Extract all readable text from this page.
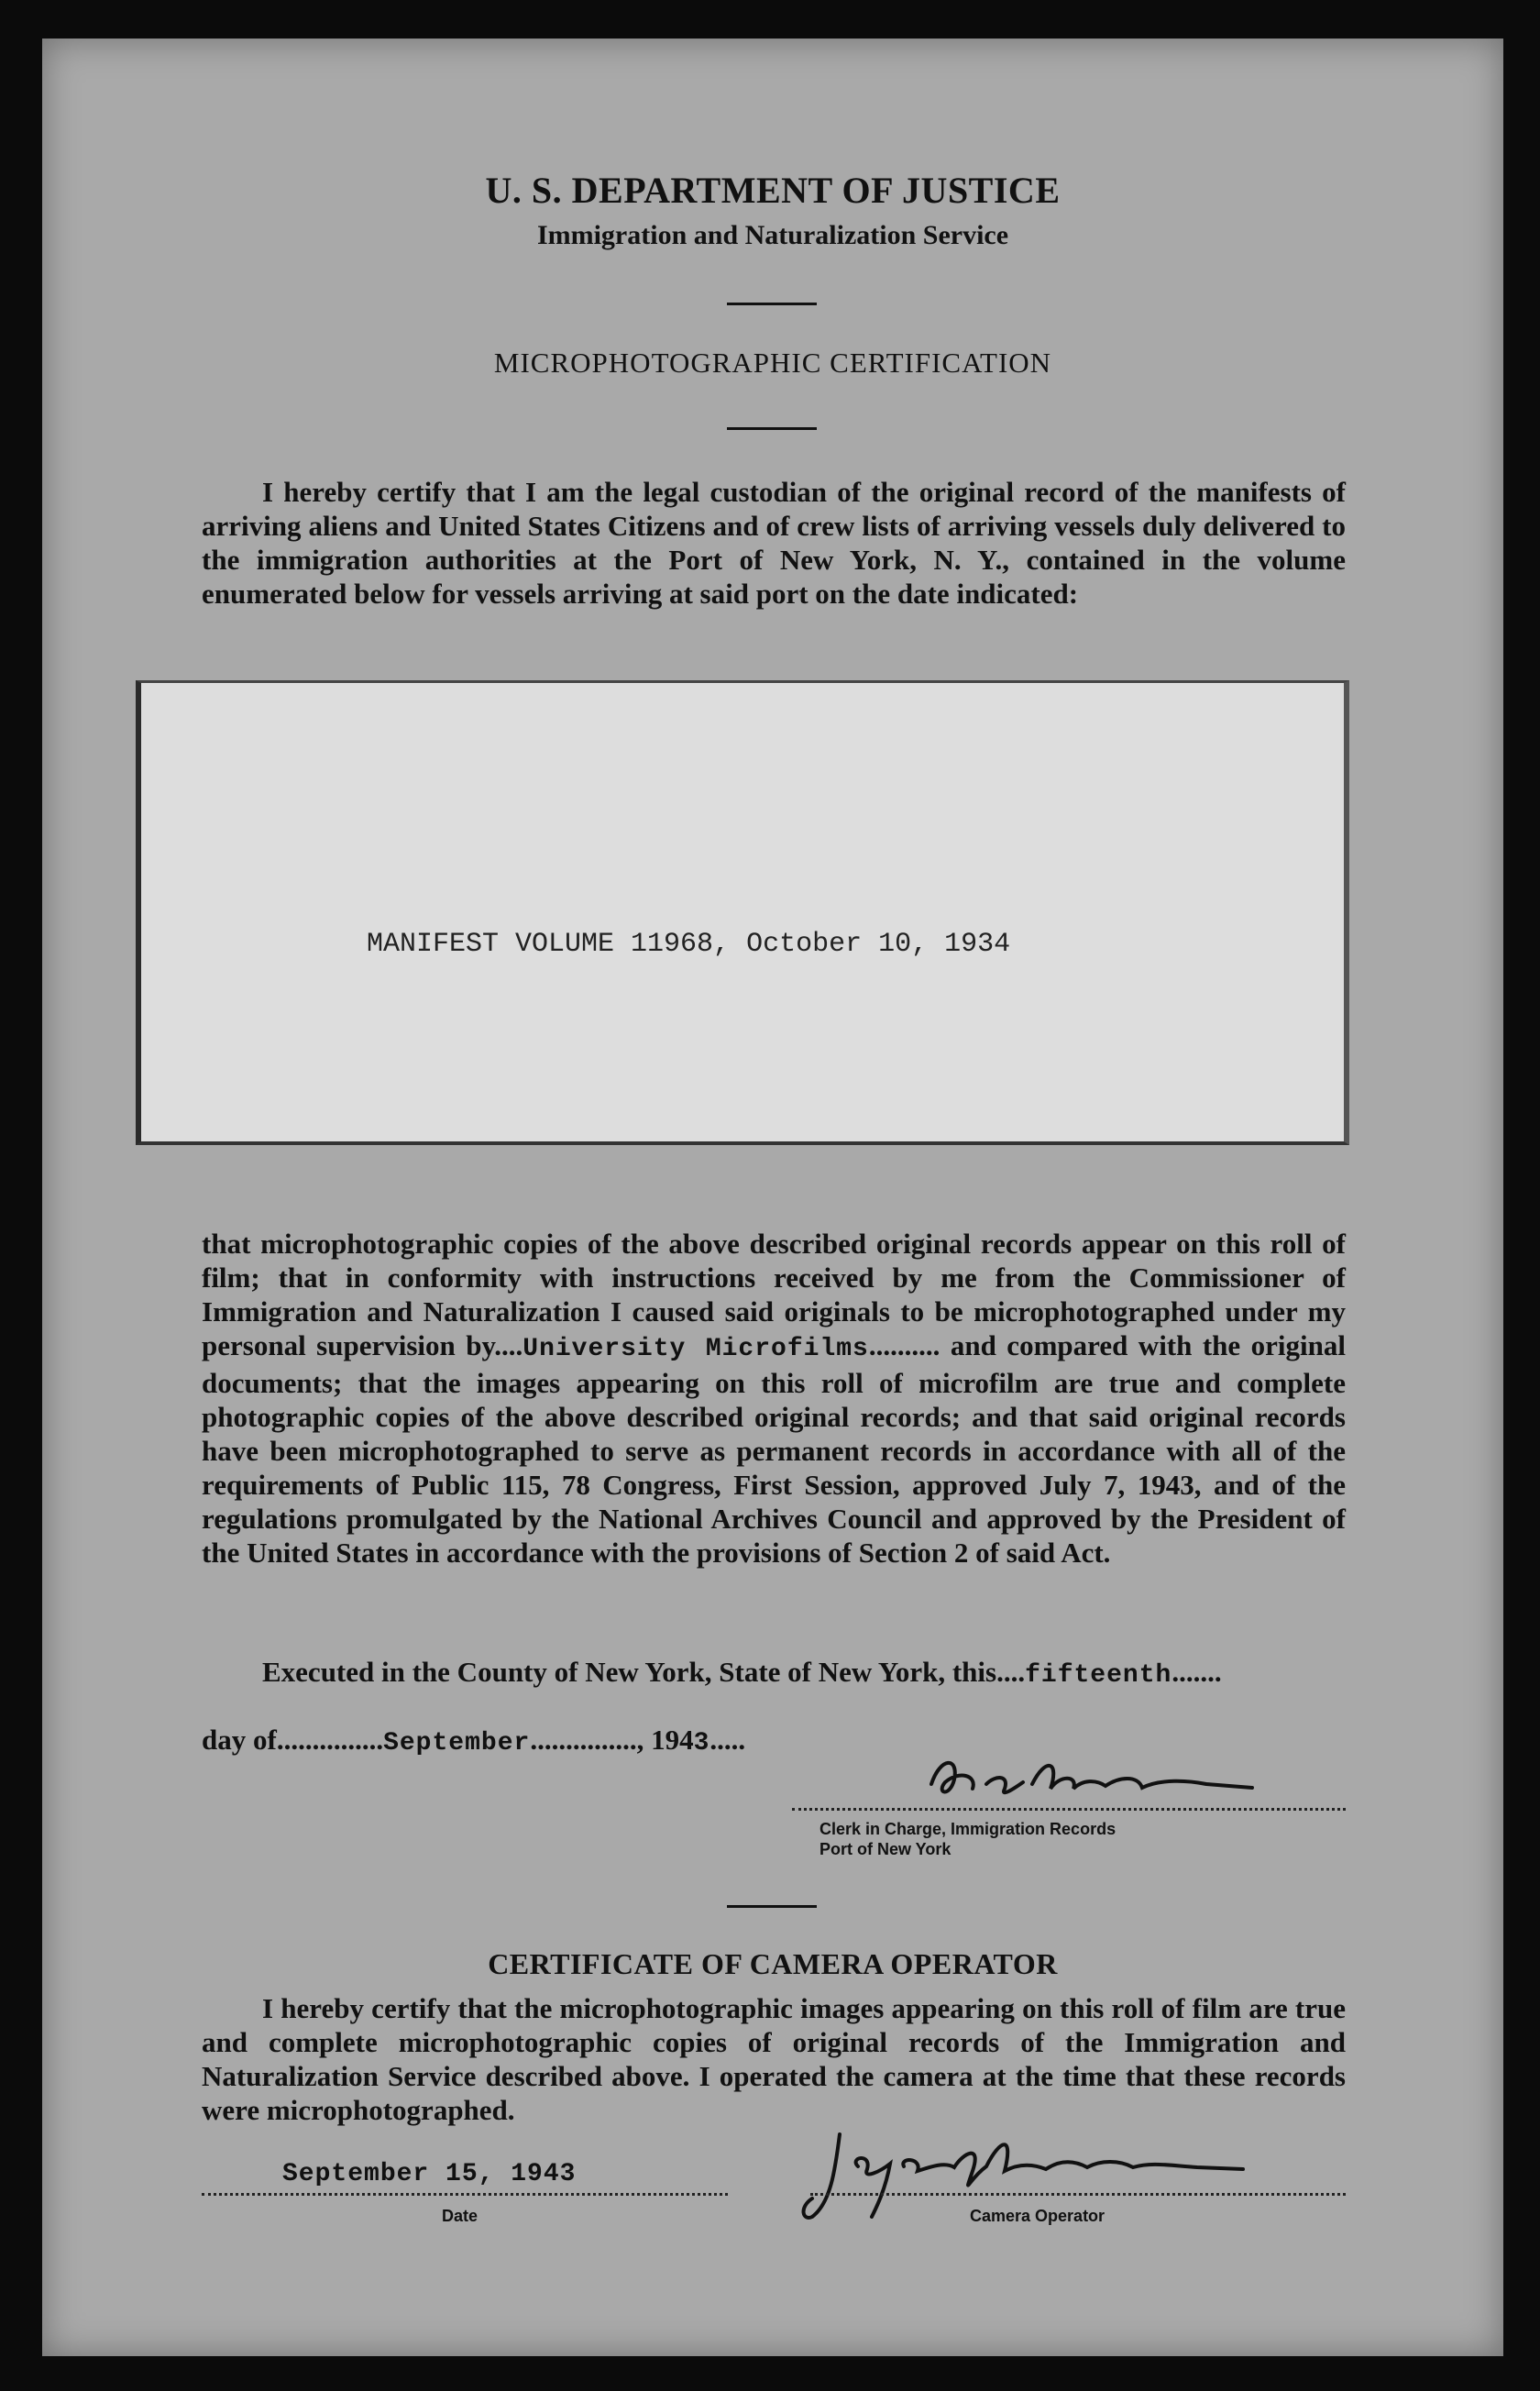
U. S. DEPARTMENT OF JUSTICE
Immigration and Naturalization Service
MICROPHOTOGRAPHIC CERTIFICATION
I hereby certify that I am the legal custodian of the original record of the manifests of arriving aliens and United States Citizens and of crew lists of arriving vessels duly delivered to the immigration authorities at the Port of New York, N. Y., contained in the volume enumerated below for vessels arriving at said port on the date indicated:
MANIFEST VOLUME 11968, October 10, 1934
that microphotographic copies of the above described original records appear on this roll of film; that in conformity with instructions received by me from the Commissioner of Immigration and Naturalization I caused said originals to be microphotographed under my personal supervision by....University Microfilms.......... and compared with the original documents; that the images appearing on this roll of microfilm are true and complete photographic copies of the above described original records; and that said original records have been microphotographed to serve as permanent records in accordance with all of the requirements of Public 115, 78 Congress, First Session, approved July 7, 1943, and of the regulations promulgated by the National Archives Council and approved by the President of the United States in accordance with the provisions of Section 2 of said Act.
Executed in the County of New York, State of New York, this....fifteenth.......
day of...............September..............., 1943.....
Clerk in Charge, Immigration Records
Port of New York
CERTIFICATE OF CAMERA OPERATOR
I hereby certify that the microphotographic images appearing on this roll of film are true and complete microphotographic copies of original records of the Immigration and Naturalization Service described above. I operated the camera at the time that these records were microphotographed.
September 15, 1943
Date	Camera Operator
